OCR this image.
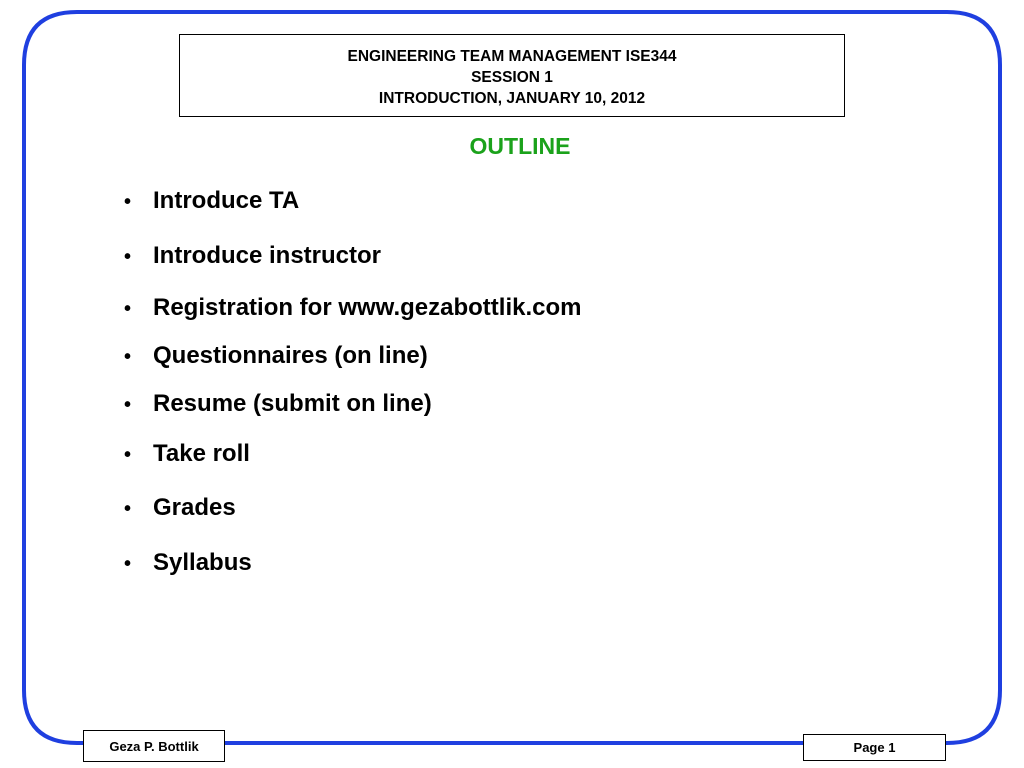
ENGINEERING TEAM MANAGEMENT ISE344
SESSION 1
INTRODUCTION, JANUARY 10, 2012
OUTLINE
• Introduce TA
• Introduce instructor
• Registration for www.gezabottlik.com
• Questionnaires (on line)
• Resume (submit on line)
• Take roll
• Grades
• Syllabus
Geza P. Bottlik	Page 1
